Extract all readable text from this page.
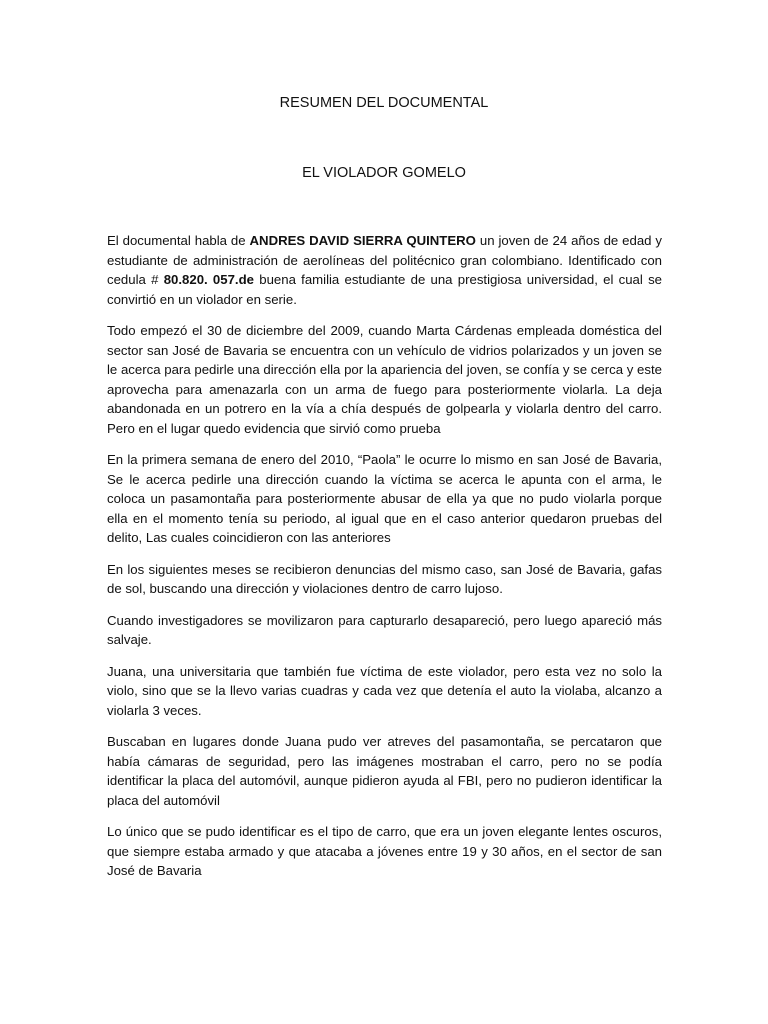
RESUMEN DEL DOCUMENTAL
EL VIOLADOR GOMELO

El documental habla de ANDRES DAVID SIERRA QUINTERO un joven de 24 años de edad y estudiante de administración de aerolíneas del politécnico gran colombiano. Identificado con cedula # 80.820. 057.de buena familia estudiante de una prestigiosa universidad, el cual se convirtió en un violador en serie.

Todo empezó el 30 de diciembre del 2009, cuando Marta Cárdenas empleada doméstica del sector san José de Bavaria se encuentra con un vehículo de vidrios polarizados y un joven se le acerca para pedirle una dirección ella por la apariencia del joven, se confía y se cerca y este aprovecha para amenazarla con un arma de fuego para posteriormente violarla. La deja abandonada en un potrero en la vía a chía después de golpearla y violarla dentro del carro. Pero en el lugar quedo evidencia que sirvió como prueba

En la primera semana de enero del 2010, “Paola” le ocurre lo mismo en san José de Bavaria, Se le acerca pedirle una dirección cuando la víctima se acerca le apunta con el arma, le coloca un pasamontaña para posteriormente abusar de ella ya que no pudo violarla porque ella en el momento tenía su periodo, al igual que en el caso anterior quedaron pruebas del delito, Las cuales coincidieron con las anteriores

En los siguientes meses se recibieron denuncias del mismo caso, san José de Bavaria, gafas de sol, buscando una dirección y violaciones dentro de carro lujoso.

Cuando investigadores se movilizaron para capturarlo desapareció, pero luego apareció más salvaje.

Juana, una universitaria que también fue víctima de este violador, pero esta vez no solo la violo, sino que se la llevo varias cuadras y cada vez que detenía el auto la violaba, alcanzo a violarla 3 veces.

Buscaban en lugares donde Juana pudo ver atreves del pasamontaña, se percataron que había cámaras de seguridad, pero las imágenes mostraban el carro, pero no se podía identificar la placa del automóvil, aunque pidieron ayuda al FBI, pero no pudieron identificar la placa del automóvil

Lo único que se pudo identificar es el tipo de carro, que era un joven elegante lentes oscuros, que siempre estaba armado y que atacaba a jóvenes entre 19 y 30 años, en el sector de san José de Bavaria
